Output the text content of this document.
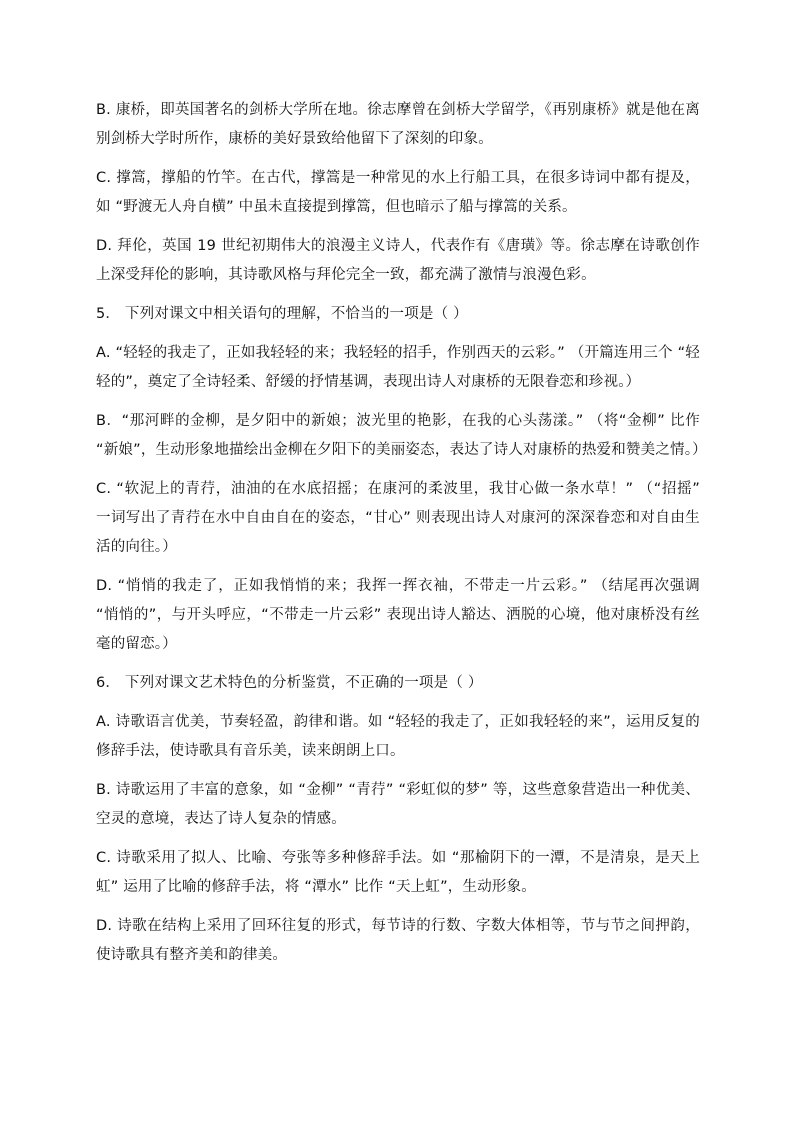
B. 康桥，即英国著名的剑桥大学所在地。徐志摩曾在剑桥大学留学，《再别康桥》就是他在离别剑桥大学时所作，康桥的美好景致给他留下了深刻的印象。

C. 撑篙，撑船的竹竿。在古代，撑篙是一种常见的水上行船工具，在很多诗词中都有提及，如 “野渡无人舟自横” 中虽未直接提到撑篙，但也暗示了船与撑篙的关系。

D. 拜伦，英国 19 世纪初期伟大的浪漫主义诗人，代表作有《唐璜》等。徐志摩在诗歌创作上深受拜伦的影响，其诗歌风格与拜伦完全一致，都充满了激情与浪漫色彩。

5． 下列对课文中相关语句的理解，不恰当的一项是（ ）

A. “轻轻的我走了，正如我轻轻的来；我轻轻的招手，作别西天的云彩。” （开篇连用三个 “轻轻的”，奠定了全诗轻柔、舒缓的抒情基调，表现出诗人对康桥的无限眷恋和珍视。）

B．“那河畔的金柳，是夕阳中的新娘；波光里的艳影，在我的心头荡漾。” （将“金柳” 比作 “新娘”，生动形象地描绘出金柳在夕阳下的美丽姿态，表达了诗人对康桥的热爱和赞美之情。）

C. “软泥上的青荇，油油的在水底招摇；在康河的柔波里，我甘心做一条水草！” （“招摇” 一词写出了青荇在水中自由自在的姿态，“甘心” 则表现出诗人对康河的深深眷恋和对自由生活的向往。）

D. “悄悄的我走了，正如我悄悄的来；我挥一挥衣袖，不带走一片云彩。” （结尾再次强调 “悄悄的”，与开头呼应，“不带走一片云彩” 表现出诗人豁达、洒脱的心境，他对康桥没有丝毫的留恋。）

6． 下列对课文艺术特色的分析鉴赏，不正确的一项是（ ）

A. 诗歌语言优美，节奏轻盈，韵律和谐。如 “轻轻的我走了，正如我轻轻的来”，运用反复的修辞手法，使诗歌具有音乐美，读来朗朗上口。

B. 诗歌运用了丰富的意象，如 “金柳” “青荇” “彩虹似的梦” 等，这些意象营造出一种优美、空灵的意境，表达了诗人复杂的情感。

C. 诗歌采用了拟人、比喻、夸张等多种修辞手法。如 “那榆阴下的一潭，不是清泉，是天上虹” 运用了比喻的修辞手法，将 “潭水” 比作 “天上虹”，生动形象。

D. 诗歌在结构上采用了回环往复的形式，每节诗的行数、字数大体相等，节与节之间押韵，使诗歌具有整齐美和韵律美。
